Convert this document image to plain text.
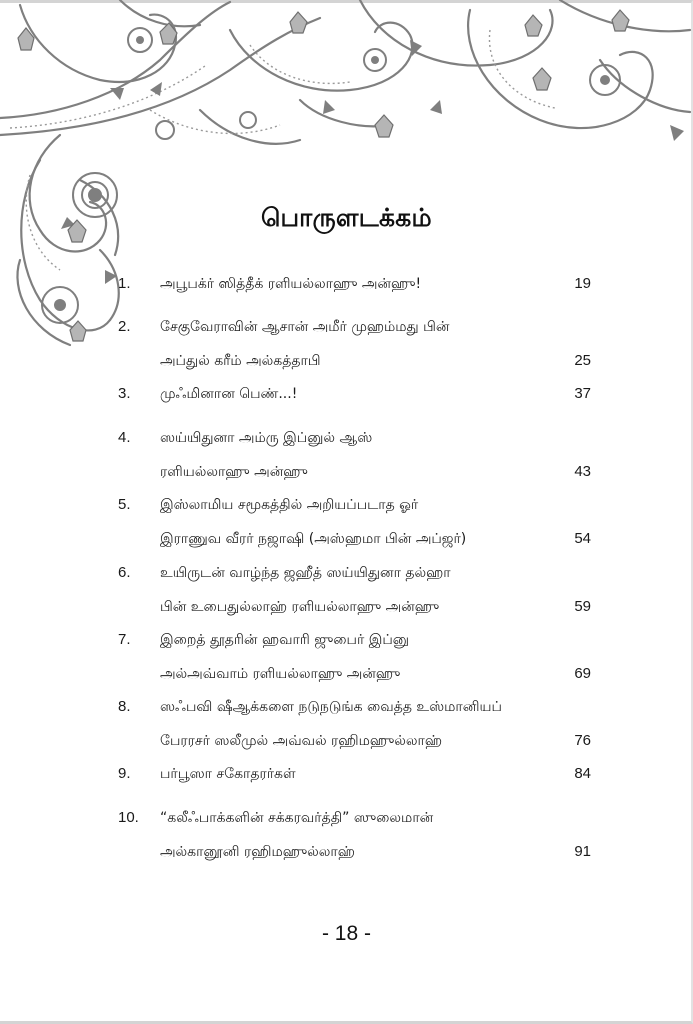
பொருளடக்கம்
1. அபூபக்ர் ஸித்தீக் ரளியல்லாஹு அன்ஹு!	19
2. சேகுவேராவின் ஆசான் அமீர் முஹம்மது பின்
அப்துல் கரீம் அல்கத்தாபி	25
3. முஃமினான பெண்...!	37
4. ஸய்யிதுனா அம்ரு இப்னுல் ஆஸ்
ரளியல்லாஹு அன்ஹு	43
5. இஸ்லாமிய சமூகத்தில் அறியப்படாத ஓர்
இராணுவ வீரர் நஜாஷி (அஸ்ஹமா பின் அப்ஜர்)	54
6. உயிருடன் வாழ்ந்த ஜஹீத் ஸய்யிதுனா தல்ஹா
பின் உபைதுல்லாஹ் ரளியல்லாஹு அன்ஹு	59
7. இறைத் தூதரின் ஹவாரி ஜுபைர் இப்னு
அல்அவ்வாம் ரளியல்லாஹு அன்ஹு	69
8. ஸஃபவி ஷீஆக்களை நடுநடுங்க வைத்த உஸ்மானியப்
பேரரசர் ஸலீமுல் அவ்வல் ரஹிமஹுல்லாஹ்	76
9. பர்பூஸா சகோதரர்கள்	84
10. “கலீஃபாக்களின் சக்கரவர்த்தி” ஸுலைமான்
அல்கானூனி ரஹிமஹுல்லாஹ்	91
- 18 -
